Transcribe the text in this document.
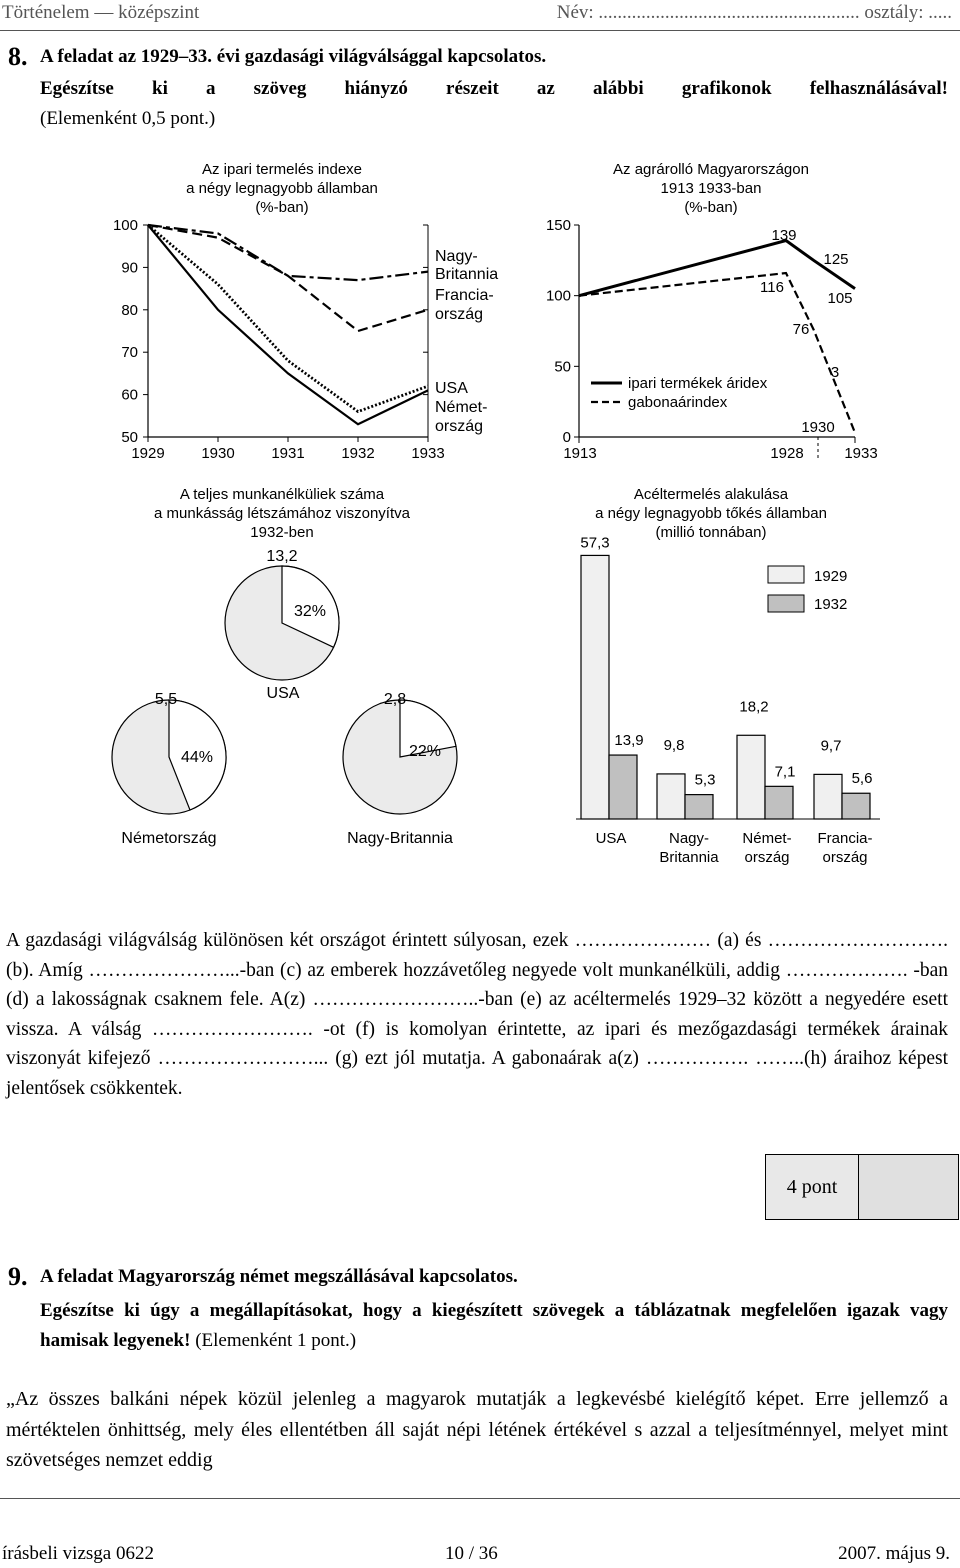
Történelem — középszint	Név: ....................................................... osztály: .....
8. A feladat az 1929–33. évi gazdasági világválsággal kapcsolatos.
Egészítse ki a szöveg hiányzó részeit az alábbi grafikonok felhasználásával!
(Elemenként 0,5 pont.)
Az ipari termelés indexe
a négy legnagyobb államban
(%-ban)
50
60
70
80
90
100
1929 1930 1931 1932 1933
Nagy-
Britannia
Francia-
ország
USA
Német-
ország
Az agrárolló Magyarországon
1913 1933-ban
(%-ban)
0
50
100
150
1913	1928	1933
1930
139
125
116
105
76
3
ipari termékek áridex
gabonaárindex
A teljes munkanélküliek száma
a munkásság létszámához viszonyítva
1932-ben
13,2
32%
USA
5,5
44%
Németország
2,8
22%
Nagy-Britannia
Acéltermelés alakulása
a négy legnagyobb tőkés államban
(millió tonnában)
1929
1932
57,3
13,9 9,8
5,3
18,2
7,1
9,7
5,6
USA	Nagy-
Britannia
Német-
ország
Francia-
ország
A gazdasági világválság különösen két országot érintett súlyosan, ezek ………………… (a) és ……………………….(b). Amíg …………………...-ban (c) az emberek hozzávetőleg negyede volt munkanélküli, addig ………………. -ban (d) a lakosságnak csaknem fele. A(z) ……………………..-ban (e) az acéltermelés 1929–32 között a negyedére esett vissza. A válság ……………………. -ot (f) is komolyan érintette, az ipari és mezőgazdasági termékek árainak viszonyát kifejező ……………………... (g) ezt jól mutatja. A gabonaárak a(z) ……………. ……..(h) áraihoz képest jelentősek csökkentek.
4 pont
9. A feladat Magyarország német megszállásával kapcsolatos.
Egészítse ki úgy a megállapításokat, hogy a kiegészített szövegek a táblázatnak megfelelően igazak vagy hamisak legyenek! (Elemenként 1 pont.)
„Az összes balkáni népek közül jelenleg a magyarok mutatják a legkevésbé kielégítő képet. Erre jellemző a mértéktelen önhittség, mely éles ellentétben áll saját népi létének értékével s azzal a teljesítménnyel, melyet mint szövetséges nemzet eddig
írásbeli vizsga 0622	10 / 36	2007. május 9.
